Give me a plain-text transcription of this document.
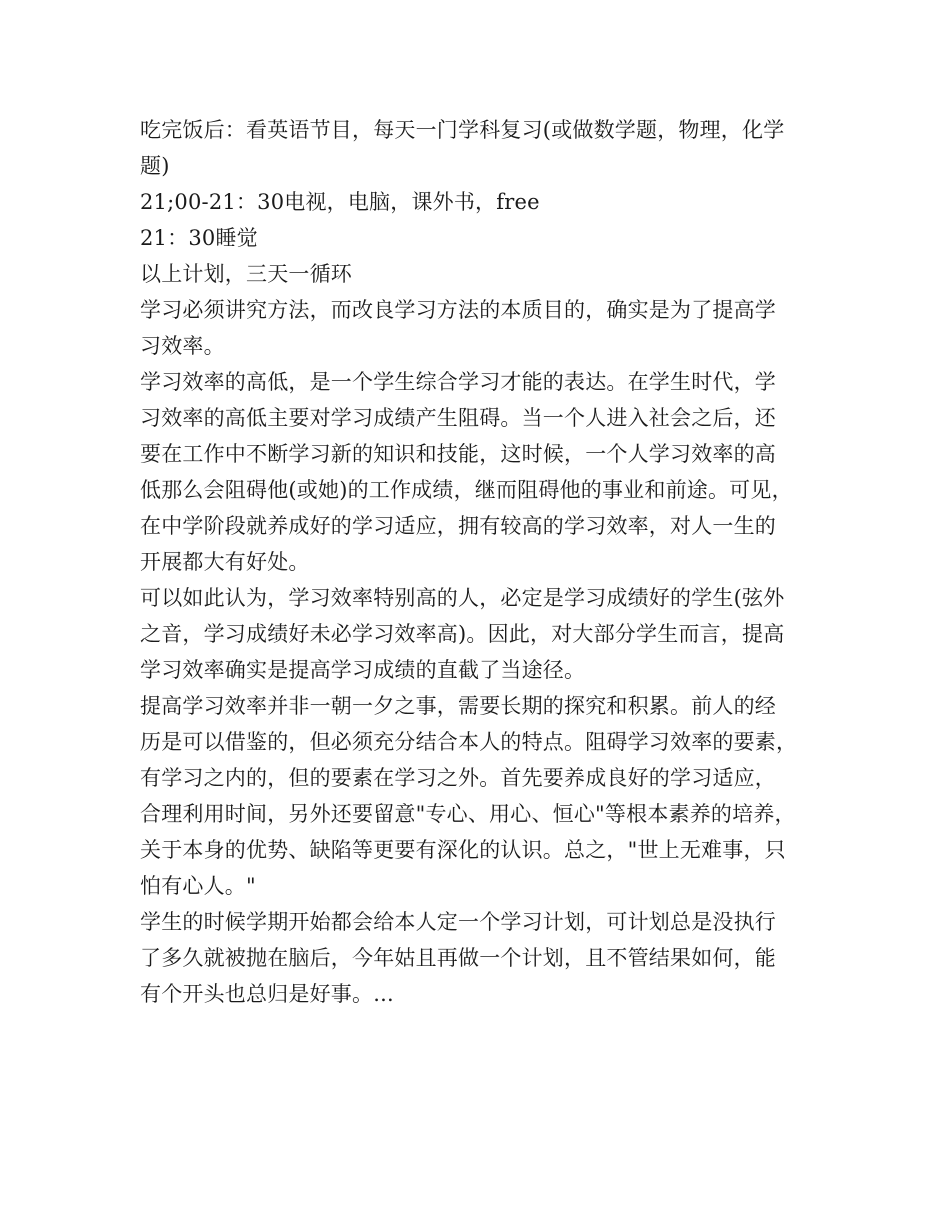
吃完饭后：看英语节目，每天一门学科复习(或做数学题，物理，化学
题)
21;00-21：30电视，电脑，课外书，free
21：30睡觉
以上计划，三天一循环
学习必须讲究方法，而改良学习方法的本质目的，确实是为了提高学
习效率。
学习效率的高低，是一个学生综合学习才能的表达。在学生时代，学
习效率的高低主要对学习成绩产生阻碍。当一个人进入社会之后，还
要在工作中不断学习新的知识和技能，这时候，一个人学习效率的高
低那么会阻碍他(或她)的工作成绩，继而阻碍他的事业和前途。可见，
在中学阶段就养成好的学习适应，拥有较高的学习效率，对人一生的
开展都大有好处。
可以如此认为，学习效率特别高的人，必定是学习成绩好的学生(弦外
之音，学习成绩好未必学习效率高)。因此，对大部分学生而言，提高
学习效率确实是提高学习成绩的直截了当途径。
提高学习效率并非一朝一夕之事，需要长期的探究和积累。前人的经
历是可以借鉴的，但必须充分结合本人的特点。阻碍学习效率的要素，
有学习之内的，但的要素在学习之外。首先要养成良好的学习适应，
合理利用时间，另外还要留意"专心、用心、恒心"等根本素养的培养，
关于本身的优势、缺陷等更要有深化的认识。总之，"世上无难事，只
怕有心人。"
学生的时候学期开始都会给本人定一个学习计划，可计划总是没执行
了多久就被抛在脑后，今年姑且再做一个计划，且不管结果如何，能
有个开头也总归是好事。...
